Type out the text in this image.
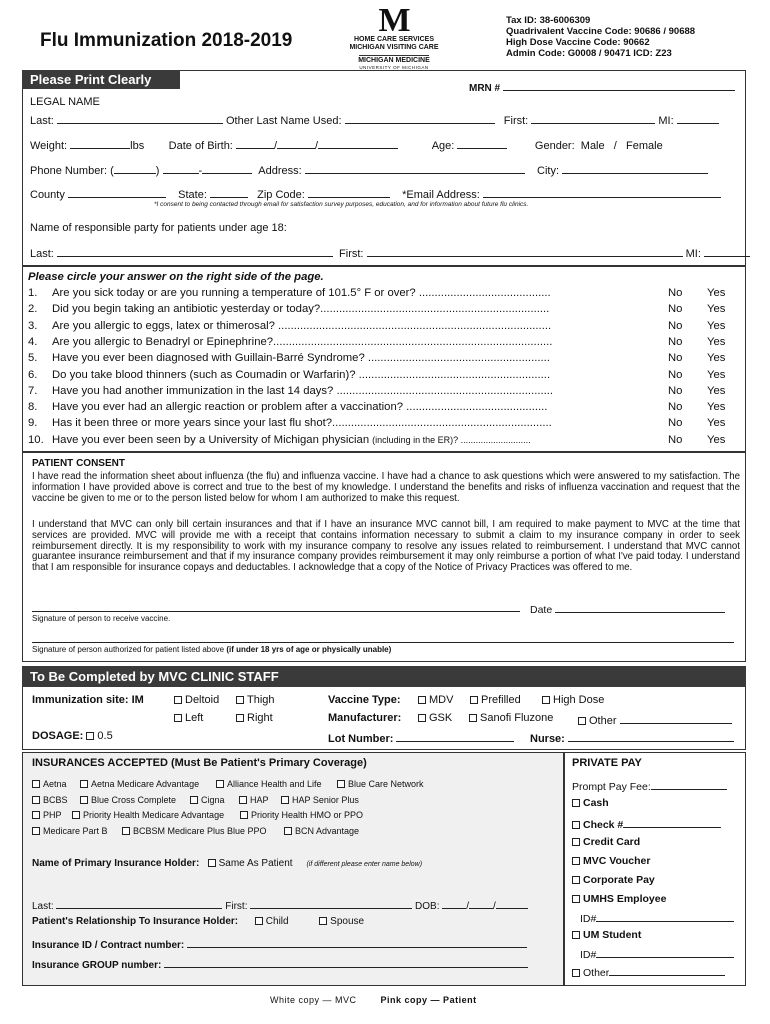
Flu Immunization 2018-2019
M
HOME CARE SERVICES
MICHIGAN VISITING CARE
MICHIGAN MEDICINE
UNIVERSITY OF MICHIGAN
Tax ID: 38-6006309
Quadrivalent Vaccine Code: 90686 / 90688
High Dose Vaccine Code: 90662
Admin Code: G0008 / 90471 ICD: Z23
Please Print Clearly
MRN #
LEGAL NAME
Last:	Other Last Name Used:	First:	MI:
Weight:	lbs Date of Birth:	/	/	Age:	Gender: Male / Female
Phone Number: (	)	-	Address:	City:
County	State:	Zip Code:	*Email Address:
*I consent to being contacted through email for satisfaction survey purposes, education, and for information about future flu clinics.
Name of responsible party for patients under age 18:
Last:	First:	MI:
Please circle your answer on the right side of the page.
1. Are you sick today or are you running a temperature of 101.5° F or over? ..........................................	No Yes
2. Did you begin taking an antibiotic yesterday or today?.........................................................................	No Yes
3. Are you allergic to eggs, latex or thimerosal? .......................................................................................	No Yes
4. Are you allergic to Benadryl or Epinephrine?.........................................................................................	No Yes
5. Have you ever been diagnosed with Guillain-Barré Syndrome? ..........................................................	No Yes
6. Do you take blood thinners (such as Coumadin or Warfarin)? .............................................................	No Yes
7. Have you had another immunization in the last 14 days? .....................................................................	No Yes
8. Have you ever had an allergic reaction or problem after a vaccination? .............................................	No Yes
9. Has it been three or more years since your last flu shot?......................................................................	No Yes
10. Have you ever been seen by a University of Michigan physician (including in the ER)? ............................	No Yes
PATIENT CONSENT
I have read the information sheet about influenza (the flu) and influenza vaccine. I have had a chance to ask questions which were answered to my satisfaction. The information I have provided above is correct and true to the best of my knowledge. I understand the benefits and risks of influenza vaccination and request that the vaccine be given to me or to the person listed below for whom I am authorized to make this request.
I understand that MVC can only bill certain insurances and that if I have an insurance MVC cannot bill, I am required to make payment to MVC at the time that services are provided. MVC will provide me with a receipt that contains information necessary to submit a claim to my insurance company in order to seek reimbursement directly. It is my responsibility to work with my insurance company to resolve any issues related to reimbursement. I understand that MVC cannot guarantee insurance reimbursement and that if my insurance company provides reimbursement it may only reimburse a portion of what I've paid today. I understand that I am responsible for insurance copays and deductables. I acknowledge that a copy of the Notice of Privacy Practices was offered to me.
Date
Signature of person to receive vaccine.
Signature of person authorized for patient listed above (if under 18 yrs of age or physically unable)
To Be Completed by MVC CLINIC STAFF
Immunization site: IM	Deltoid	Thigh
Left	Right
Vaccine Type:	MDV	Prefilled	High Dose
Manufacturer:	GSK	Sanofi Fluzone	Other
DOSAGE: 0.5	Lot Number:	Nurse:
INSURANCES ACCEPTED (Must Be Patient's Primary Coverage)
Aetna	Aetna Medicare Advantage	Alliance Health and Life	Blue Care Network
BCBS	Blue Cross Complete	Cigna	HAP	HAP Senior Plus
PHP	Priority Health Medicare Advantage	Priority Health HMO or PPO
Medicare Part B	BCBSM Medicare Plus Blue PPO	BCN Advantage
Name of Primary Insurance Holder: Same As Patient (if different please enter name below)
Last:	First:	DOB:	/ /
Patient's Relationship To Insurance Holder:	Child	Spouse
Insurance ID / Contract number:
Insurance GROUP number:
PRIVATE PAY
Prompt Pay Fee:
Cash
Check #
Credit Card
MVC Voucher
Corporate Pay
UMHS Employee
ID#
UM Student
ID#
Other
White copy — MVC	Pink copy — Patient
